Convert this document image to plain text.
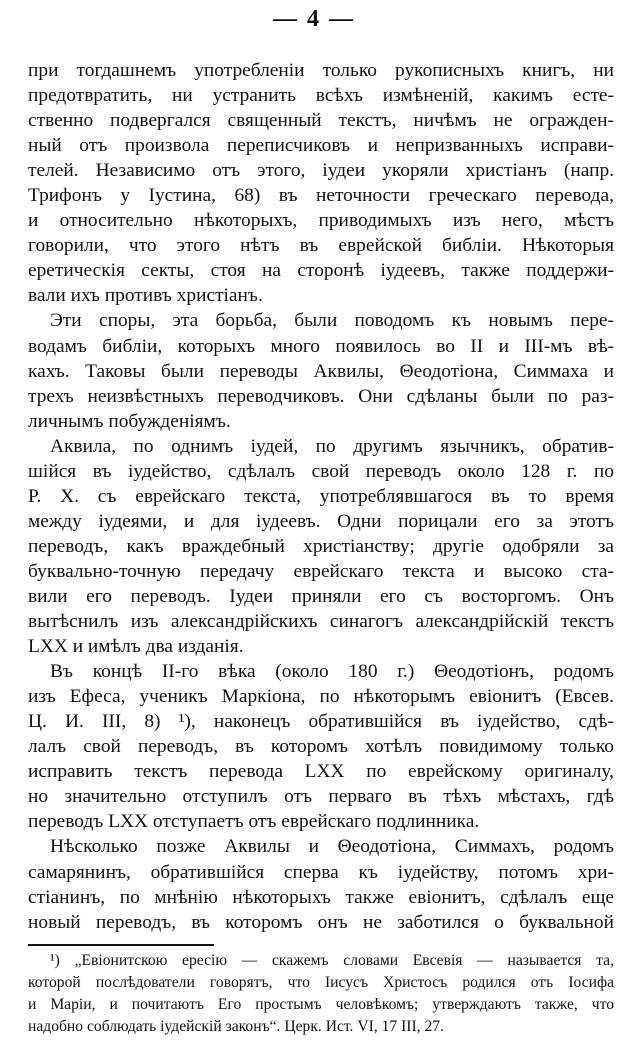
— 4 —
при тогдашнемъ употребленіи только рукописныхъ книгъ, ни
предотвратить, ни устранить всѣхъ измѣненій, какимъ есте-
ственно подвергался священный текстъ, ничѣмъ не огражден-
ный отъ произвола переписчиковъ и непризванныхъ исправи-
телей. Независимо отъ этого, іудеи укоряли христіанъ (напр.
Трифонъ у Іустина, 68) въ неточности греческаго перевода,
и относительно нѣкоторыхъ, приводимыхъ изъ него, мѣстъ
говорили, что этого нѣтъ въ еврейской библіи. Нѣкоторыя
еретическія секты, стоя на сторонѣ іудеевъ, также поддержи-
вали ихъ противъ христіанъ.
Эти споры, эта борьба, были поводомъ къ новымъ пере-
водамъ библіи, которыхъ много появилось во II и III-мъ вѣ-
кахъ. Таковы были переводы Аквилы, Θеодотіона, Симмаха и
трехъ неизвѣстныхъ переводчиковъ. Они сдѣланы были по раз-
личнымъ побужденіямъ.
Аквила, по однимъ іудей, по другимъ язычникъ, обратив-
шійся въ іудейство, сдѣлалъ свой переводъ около 128 г. по
Р. Х. съ еврейскаго текста, употреблявшагося въ то время
между іудеями, и для іудеевъ. Одни порицали его за этотъ
переводъ, какъ враждебный христіанству; другіе одобряли за
буквально-точную передачу еврейскаго текста и высоко ста-
вили его переводъ. Іудеи приняли его съ восторгомъ. Онъ
вытѣснилъ изъ александрійскихъ синагогъ александрійскій текстъ
LXX и имѣлъ два изданія.
Въ концѣ II-го вѣка (около 180 г.) Θеодотіонъ, родомъ
изъ Ефеса, ученикъ Маркіона, по нѣкоторымъ евіонитъ (Евсев.
Ц. И. III, 8) ¹), наконецъ обратившійся въ іудейство, сдѣ-
лалъ свой переводъ, въ которомъ хотѣлъ повидимому только
исправить текстъ перевода LXX по еврейскому оригиналу,
но значительно отступилъ отъ перваго въ тѣхъ мѣстахъ, гдѣ
переводъ LXX отступаетъ отъ еврейскаго подлинника.
Нѣсколько позже Аквилы и Θеодотіона, Симмахъ, родомъ
самарянинъ, обратившійся сперва къ іудейству, потомъ хри-
стіанинъ, по мнѣнію нѣкоторыхъ также евіонитъ, сдѣлалъ еще
новый переводъ, въ которомъ онъ не заботился о буквальной
¹) „Евіонитскою ересію — скажемъ словами Евсевія — называется та,
которой послѣдователи говорятъ, что Іисусъ Христосъ родился отъ Іосифа
и Маріи, и почитаютъ Его простымъ человѣкомъ; утверждаютъ также, что
надобно соблюдать іудейскій законъ“. Церк. Ист. VI, 17 III, 27.
